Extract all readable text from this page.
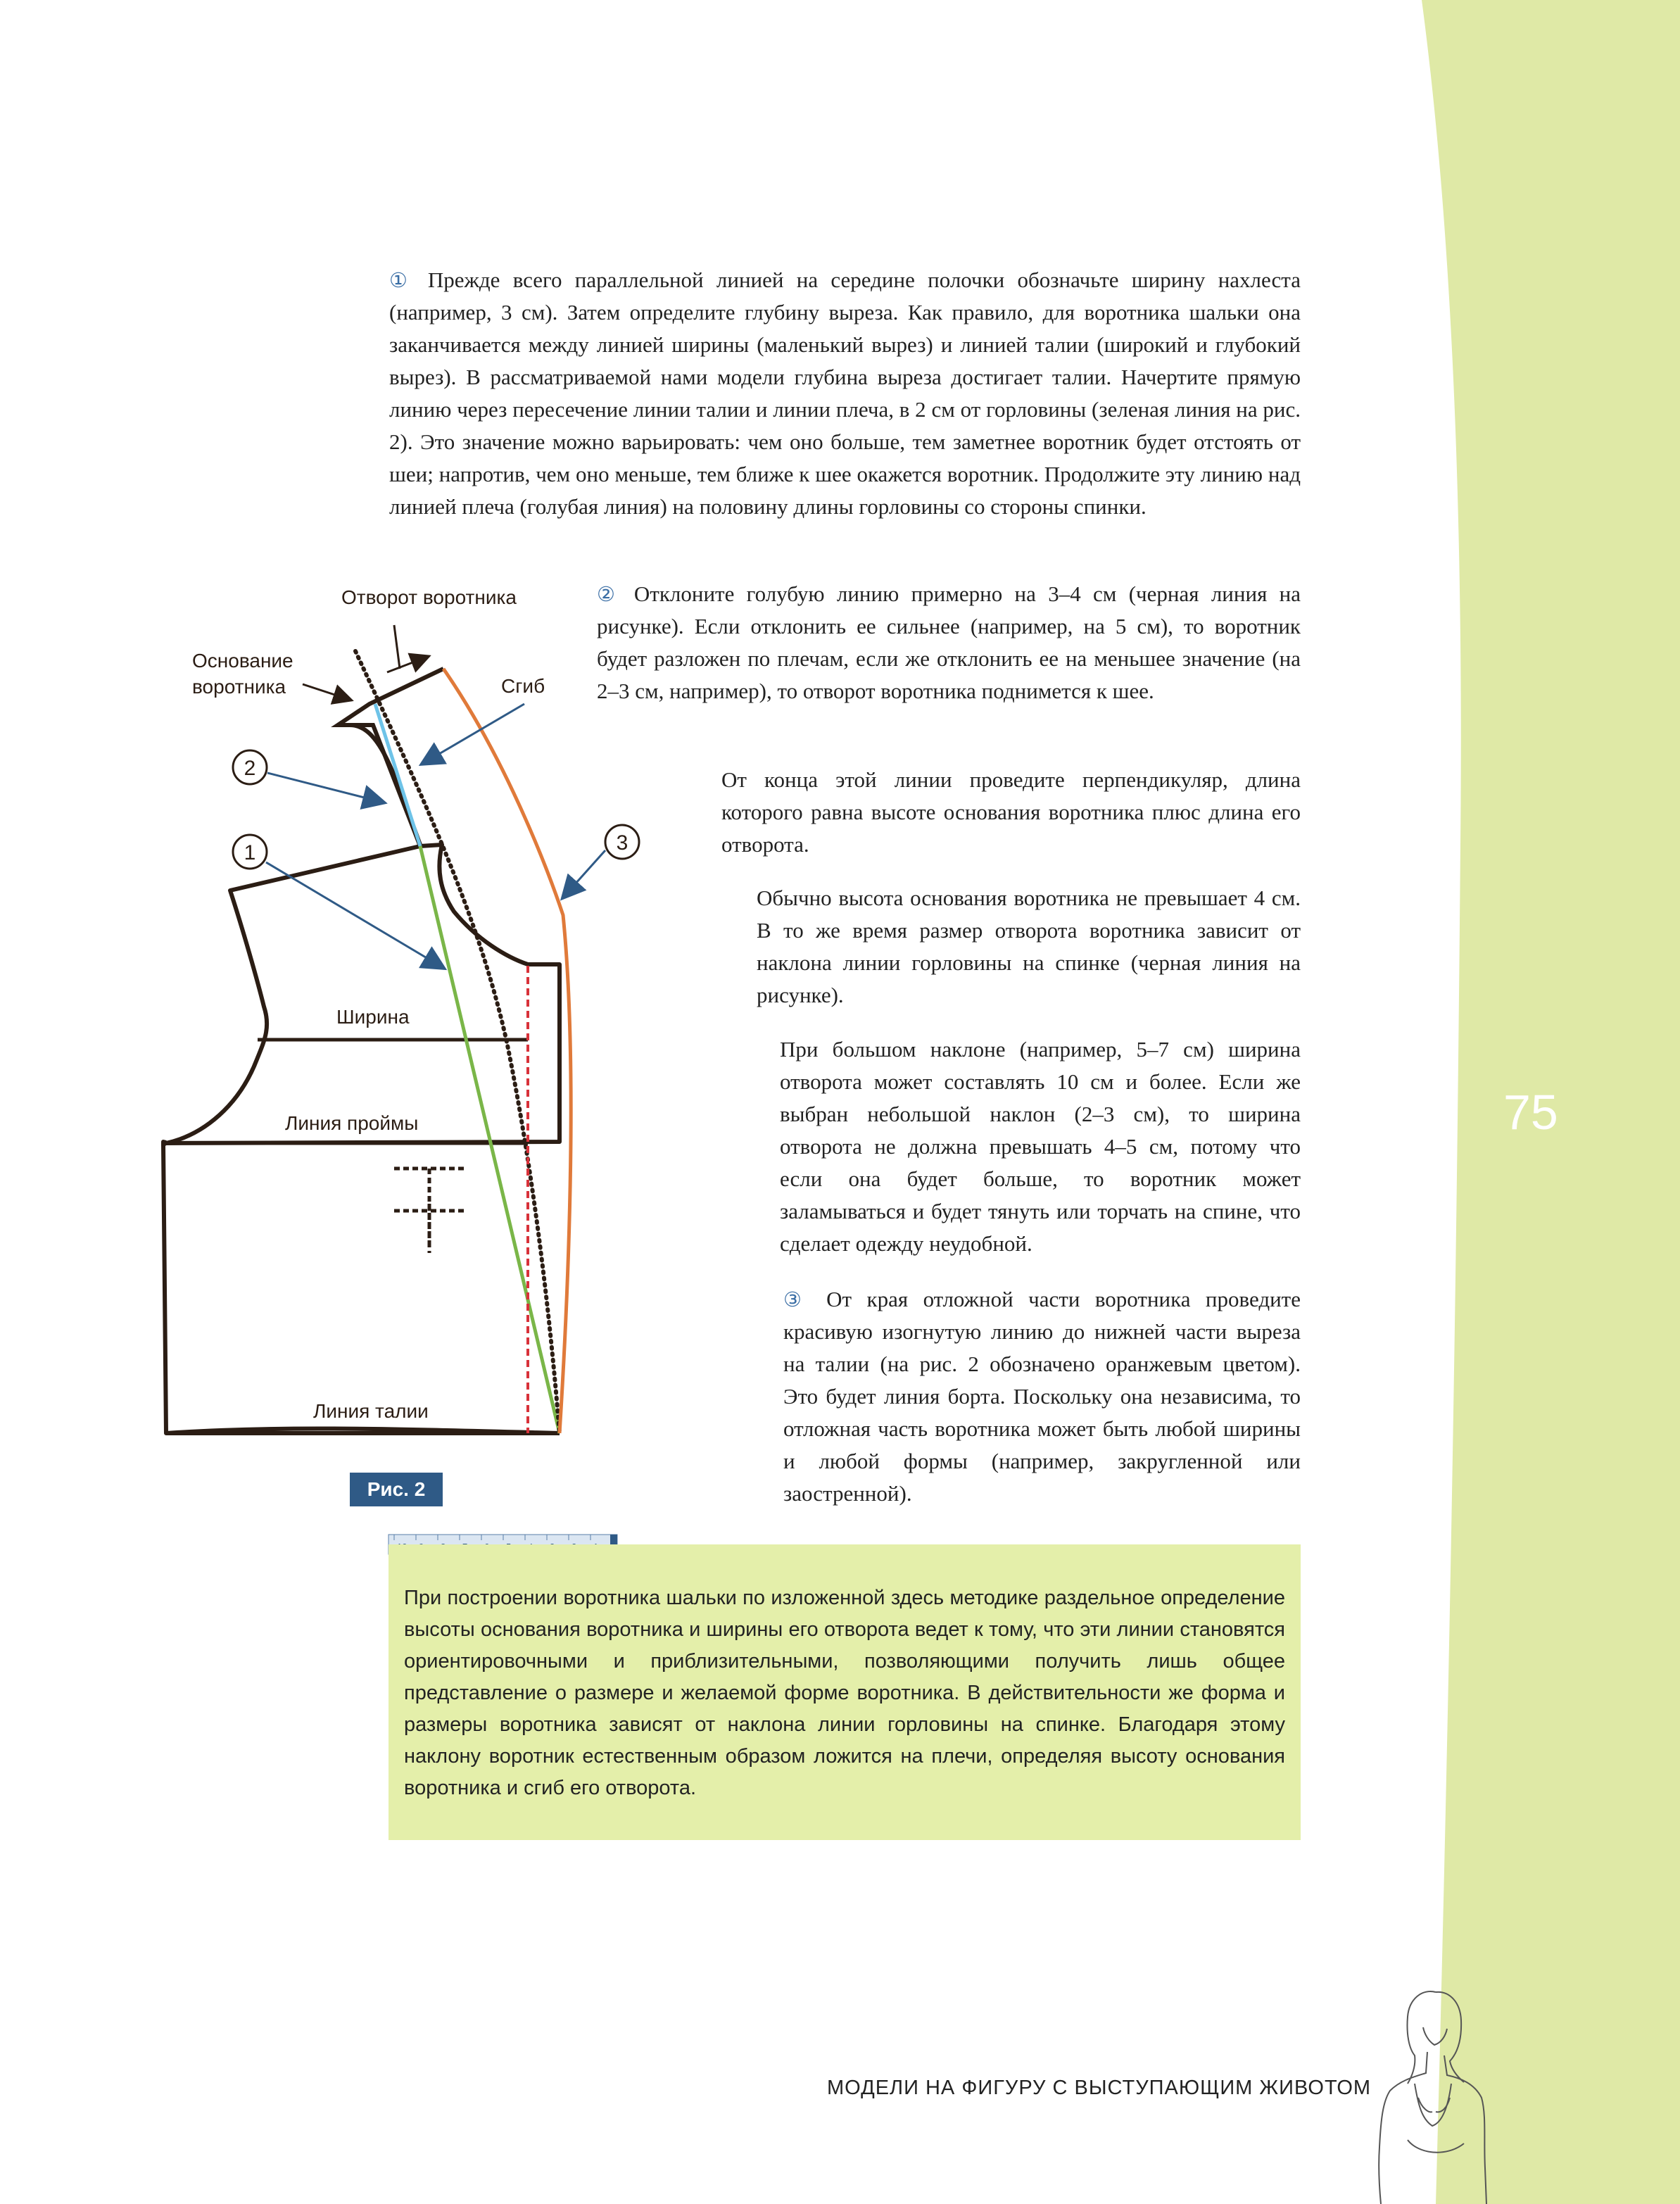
75

① Прежде всего параллельной линией на середине полочки обозначьте ширину нахлеста (например, 3 см). Затем определите глубину выреза. Как правило, для воротника шальки она заканчивается между линией ширины (маленький вырез) и линией талии (широкий и глубокий вырез). В рассматриваемой нами модели глубина выреза достигает талии. Начертите прямую линию через пересечение линии талии и линии плеча, в 2 см от горловины (зеленая линия на рис. 2). Это значение можно варьировать: чем оно больше, тем заметнее воротник будет отстоять от шеи; напротив, чем оно меньше, тем ближе к шее окажется воротник. Продолжите эту линию над линией плеча (голубая линия) на половину длины горловины со стороны спинки.

② Отклоните голубую линию примерно на 3–4 см (черная линия на рисунке). Если отклонить ее сильнее (например, на 5 см), то воротник будет разложен по плечам, если же отклонить ее на меньшее значение (на 2–3 см, например), то отворот воротника поднимется к шее.

От конца этой линии проведите перпендикуляр, длина которого равна высоте основания воротника плюс длина его отворота.

Обычно высота основания воротника не превышает 4 см. В то же время размер отворота воротника зависит от наклона линии горловины на спинке (черная линия на рисунке).

При большом наклоне (например, 5–7 см) ширина отворота может составлять 10 см и более. Если же выбран небольшой наклон (2–3 см), то ширина отворота не должна превышать 4–5 см, потому что если она будет больше, то воротник может заламываться и будет тянуть или торчать на спине, что сделает одежду неудобной.

③ От края отложной части воротника проведите красивую изогнутую линию до нижней части выреза на талии (на рис. 2 обозначено оранжевым цветом). Это будет линия борта. Поскольку она независима, то отложная часть воротника может быть любой ширины и любой формы (например, закругленной или заостренной).

2
1	3
Отворот воротника
Основание
воротника	Сгиб
Ширина
Линия проймы
Линия талии
Рис. 2
При построении воротника шальки по изложенной здесь методике раздельное определение высоты основания воротника и ширины его отворота ведет к тому, что эти линии становятся ориентировочными и приблизительными, позволяющими получить лишь общее представление о размере и желаемой форме воротника. В действительности же форма и размеры воротника зависят от наклона линии горловины на спинке. Благодаря этому наклону воротник естественным образом ложится на плечи, определяя высоту основания воротника и сгиб его отворота.
МОДЕЛИ НА ФИГУРУ С ВЫСТУПАЮЩИМ ЖИВОТОМ
